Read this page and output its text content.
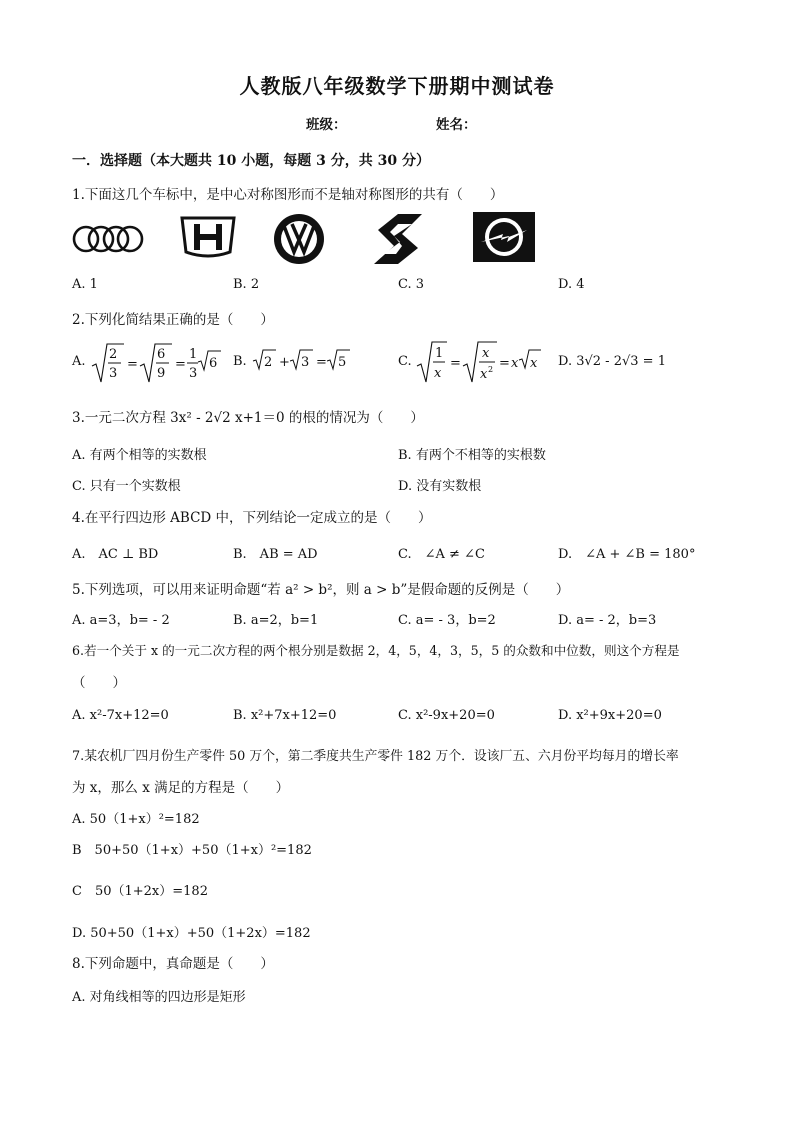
人教版八年级数学下册期中测试卷
班级：	姓名：
一．选择题（本大题共 10 小题，每题 3 分，共 30 分）
1.下面这几个车标中，是中心对称图形而不是轴对称图形的共有（　　）
A. 1	B. 2	C. 3	D. 4
2.下列化简结果正确的是（　　）
A. 2
3
=
6
9
=
1
3
6 B. 2 + 3 = 5	C.
1
x
=
x
x 2 = x x D. 3√2 - 2√3 = 1
3.一元二次方程 3x² - 2√2 x+1＝0 的根的情况为（　　）
A. 有两个相等的实数根	B. 有两个不相等的实根数
C. 只有一个实数根	D. 没有实数根
4.在平行四边形 ABCD 中，下列结论一定成立的是（　　）
A.　AC ⊥ BD	B.　AB = AD	C.　∠A ≠ ∠C	D.　∠A + ∠B = 180°
5.下列选项，可以用来证明命题“若 a² > b²，则 a > b”是假命题的反例是（　　）
A. a=3，b= - 2	B. a=2，b=1	C. a= - 3，b=2	D. a= - 2，b=3
6.若一个关于 x 的一元二次方程的两个根分别是数据 2，4，5，4，3，5，5 的众数和中位数，则这个方程是
（　　）
A. x²-7x+12=0	B. x²+7x+12=0	C. x²-9x+20=0	D. x²+9x+20=0
7.某农机厂四月份生产零件 50 万个，第二季度共生产零件 182 万个．设该厂五、六月份平均每月的增长率
为 x，那么 x 满足的方程是（　　）
A. 50（1+x）²=182
B　50+50（1+x）+50（1+x）²=182
C　50（1+2x）=182
D. 50+50（1+x）+50（1+2x）=182
8.下列命题中，真命题是（　　）
A. 对角线相等的四边形是矩形
